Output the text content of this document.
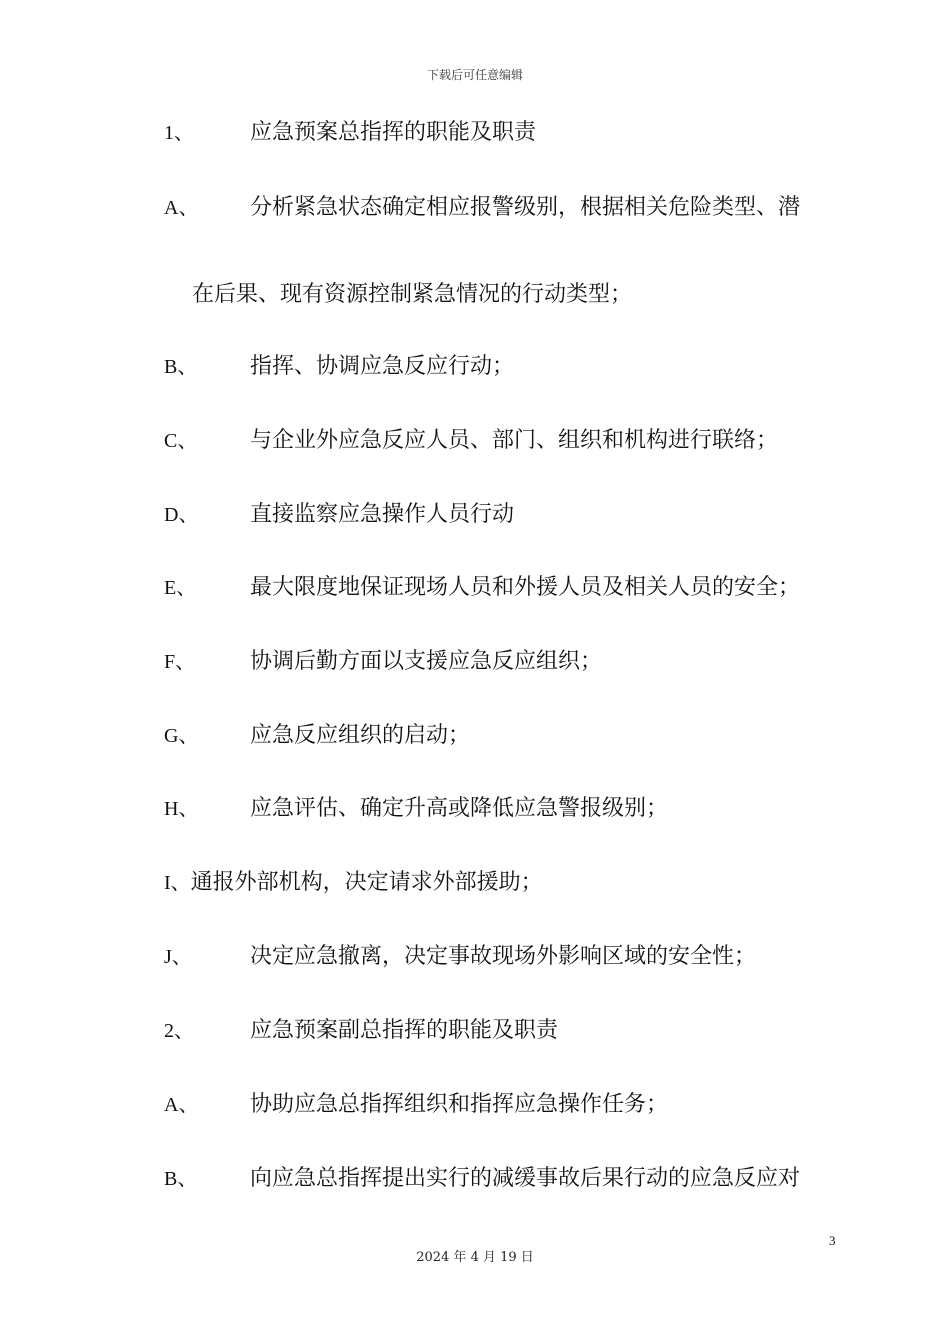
下载后可任意编辑
1、	应急预案总指挥的职能及职责
A、 分析紧急状态确定相应报警级别，根据相关危险类型、潜
在后果、现有资源控制紧急情况的行动类型；
B、 指挥、协调应急反应行动；
C、 与企业外应急反应人员、部门、组织和机构进行联络；
D、 直接监察应急操作人员行动
E、 最大限度地保证现场人员和外援人员及相关人员的安全；
F、 协调后勤方面以支援应急反应组织；
G、 应急反应组织的启动；
H、 应急评估、确定升高或降低应急警报级别；
I、通报外部机构，决定请求外部援助；
J、	决定应急撤离，决定事故现场外影响区域的安全性；
2、	应急预案副总指挥的职能及职责
A、 协助应急总指挥组织和指挥应急操作任务；
B、 向应急总指挥提出实行的减缓事故后果行动的应急反应对
3
2024 年 4 月 19 日
